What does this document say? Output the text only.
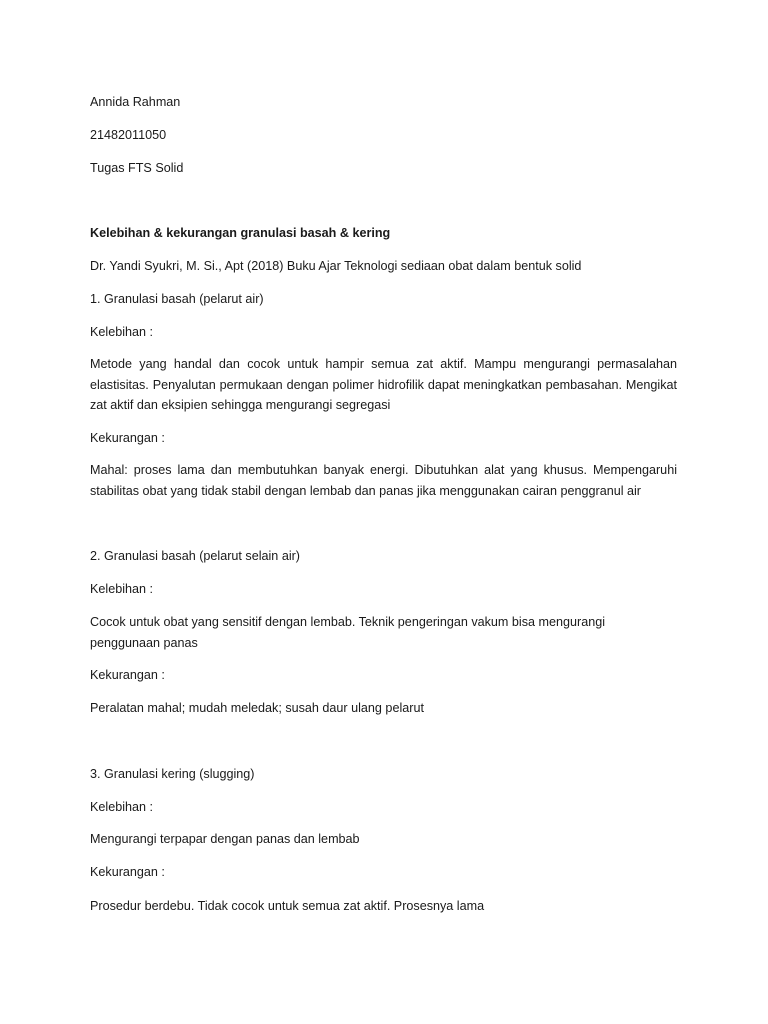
Annida Rahman

21482011050

Tugas FTS Solid

Kelebihan & kekurangan granulasi basah & kering

Dr. Yandi Syukri, M. Si., Apt (2018) Buku Ajar Teknologi sediaan obat dalam bentuk solid

1. Granulasi basah (pelarut air)

Kelebihan :

Metode yang handal dan cocok untuk hampir semua zat aktif. Mampu mengurangi permasalahan elastisitas. Penyalutan permukaan dengan polimer hidrofilik dapat meningkatkan pembasahan. Mengikat zat aktif dan eksipien sehingga mengurangi segregasi

Kekurangan :

Mahal: proses lama dan membutuhkan banyak energi. Dibutuhkan alat yang khusus. Mempengaruhi stabilitas obat yang tidak stabil dengan lembab dan panas jika menggunakan cairan penggranul air

2. Granulasi basah (pelarut selain air)

Kelebihan :

Cocok untuk obat yang sensitif dengan lembab. Teknik pengeringan vakum bisa mengurangi penggunaan panas

Kekurangan :

Peralatan mahal; mudah meledak; susah daur ulang pelarut

3. Granulasi kering (slugging)

Kelebihan :

Mengurangi terpapar dengan panas dan lembab

Kekurangan :

Prosedur berdebu. Tidak cocok untuk semua zat aktif. Prosesnya lama
